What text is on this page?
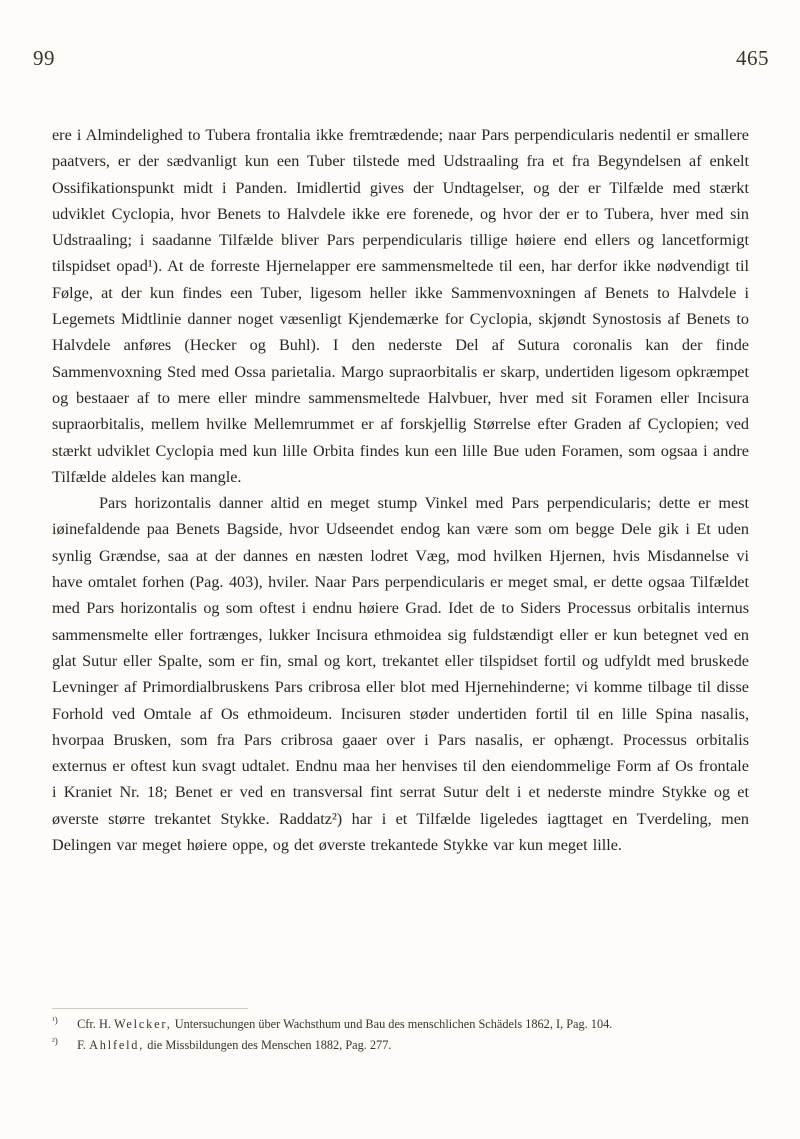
99	465

ere i Almindelighed to Tubera frontalia ikke fremtrædende; naar Pars perpendicularis nedentil er smallere paatvers, er der sædvanligt kun een Tuber tilstede med Udstraaling fra et fra Begyndelsen af enkelt Ossifikationspunkt midt i Panden. Imidlertid gives der Undtagelser, og der er Tilfælde med stærkt udviklet Cyclopia, hvor Benets to Halvdele ikke ere forenede, og hvor der er to Tubera, hver med sin Udstraaling; i saadanne Tilfælde bliver Pars perpendicularis tillige høiere end ellers og lancetformigt tilspidset opad¹). At de forreste Hjernelapper ere sammensmeltede til een, har derfor ikke nødvendigt til Følge, at der kun findes een Tuber, ligesom heller ikke Sammenvoxningen af Benets to Halvdele i Legemets Midtlinie danner noget væsenligt Kjendemærke for Cyclopia, skjøndt Synostosis af Benets to Halvdele anføres (Hecker og Buhl). I den nederste Del af Sutura coronalis kan der finde Sammenvoxning Sted med Ossa parietalia. Margo supraorbitalis er skarp, undertiden ligesom opkræmpet og bestaaer af to mere eller mindre sammensmeltede Halvbuer, hver med sit Foramen eller Incisura supraorbitalis, mellem hvilke Mellemrummet er af forskjellig Størrelse efter Graden af Cyclopien; ved stærkt udviklet Cyclopia med kun lille Orbita findes kun een lille Bue uden Foramen, som ogsaa i andre Tilfælde aldeles kan mangle.

Pars horizontalis danner altid en meget stump Vinkel med Pars perpendicularis; dette er mest iøinefaldende paa Benets Bagside, hvor Udseendet endog kan være som om begge Dele gik i Et uden synlig Grændse, saa at der dannes en næsten lodret Væg, mod hvilken Hjernen, hvis Misdannelse vi have omtalet forhen (Pag. 403), hviler. Naar Pars perpendicularis er meget smal, er dette ogsaa Tilfældet med Pars horizontalis og som oftest i endnu høiere Grad. Idet de to Siders Processus orbitalis internus sammensmelte eller fortrænges, lukker Incisura ethmoidea sig fuldstændigt eller er kun betegnet ved en glat Sutur eller Spalte, som er fin, smal og kort, trekantet eller tilspidset fortil og udfyldt med bruskede Levninger af Primordialbruskens Pars cribrosa eller blot med Hjernehinderne; vi komme tilbage til disse Forhold ved Omtale af Os ethmoideum. Incisuren støder undertiden fortil til en lille Spina nasalis, hvorpaa Brusken, som fra Pars cribrosa gaaer over i Pars nasalis, er ophængt. Processus orbitalis externus er oftest kun svagt udtalet. Endnu maa her henvises til den eiendommelige Form af Os frontale i Kraniet Nr. 18; Benet er ved en transversal fint serrat Sutur delt i et nederste mindre Stykke og et øverste større trekantet Stykke. Raddatz²) har i et Tilfælde ligeledes iagttaget en Tverdeling, men Delingen var meget høiere oppe, og det øverste trekantede Stykke var kun meget lille.

¹) Cfr. H. Welcker, Untersuchungen über Wachsthum und Bau des menschlichen Schädels 1862, I, Pag. 104.

²) F. Ahlfeld, die Missbildungen des Menschen 1882, Pag. 277.
